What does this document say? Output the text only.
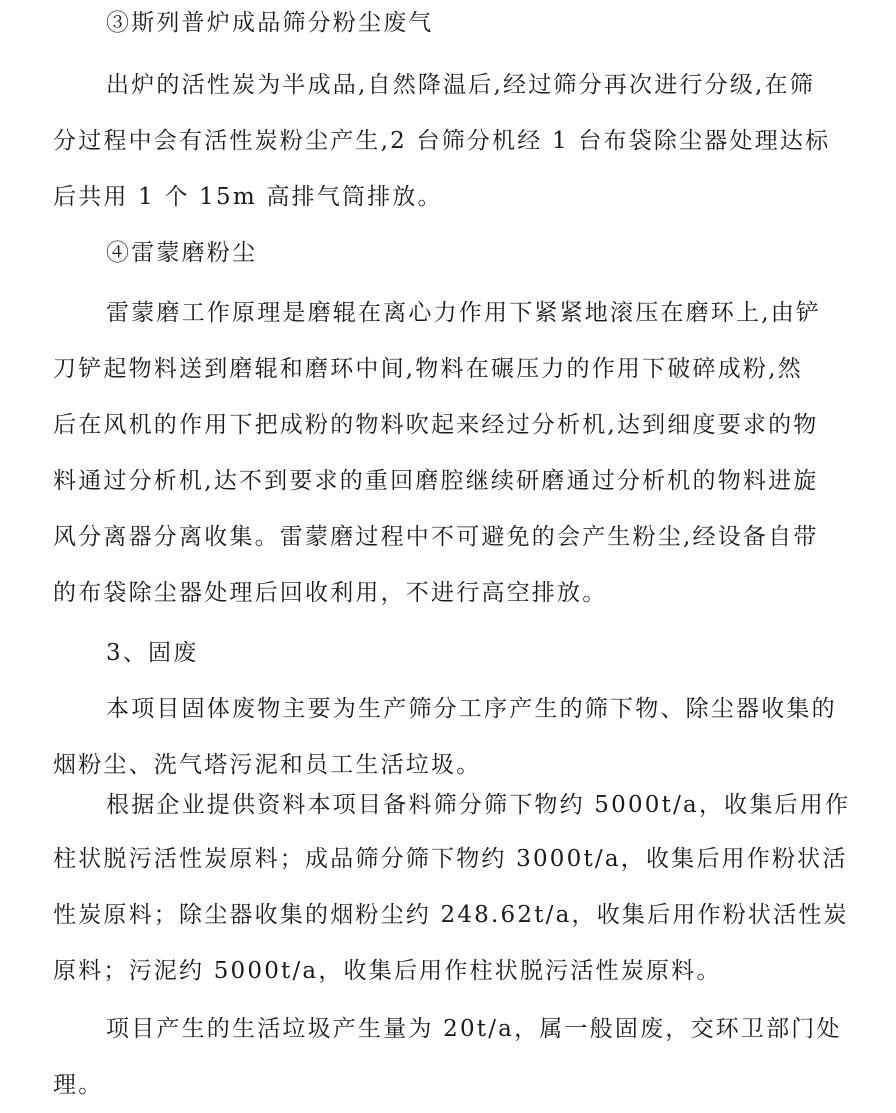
③斯列普炉成品筛分粉尘废气
出炉的活性炭为半成品,自然降温后,经过筛分再次进行分级,在筛
分过程中会有活性炭粉尘产生,2 台筛分机经 1 台布袋除尘器处理达标
后共用 1 个 15m 高排气筒排放。
④雷蒙磨粉尘
雷蒙磨工作原理是磨辊在离心力作用下紧紧地滚压在磨环上,由铲
刀铲起物料送到磨辊和磨环中间,物料在碾压力的作用下破碎成粉,然
后在风机的作用下把成粉的物料吹起来经过分析机,达到细度要求的物
料通过分析机,达不到要求的重回磨腔继续研磨通过分析机的物料进旋
风分离器分离收集。雷蒙磨过程中不可避免的会产生粉尘,经设备自带
的布袋除尘器处理后回收利用，不进行高空排放。
3、固废
本项目固体废物主要为生产筛分工序产生的筛下物、除尘器收集的
烟粉尘、洗气塔污泥和员工生活垃圾。
根据企业提供资料本项目备料筛分筛下物约 5000t/a，收集后用作
柱状脱污活性炭原料；成品筛分筛下物约 3000t/a，收集后用作粉状活
性炭原料；除尘器收集的烟粉尘约 248.62t/a，收集后用作粉状活性炭
原料；污泥约 5000t/a，收集后用作柱状脱污活性炭原料。
项目产生的生活垃圾产生量为 20t/a，属一般固废，交环卫部门处
理。
